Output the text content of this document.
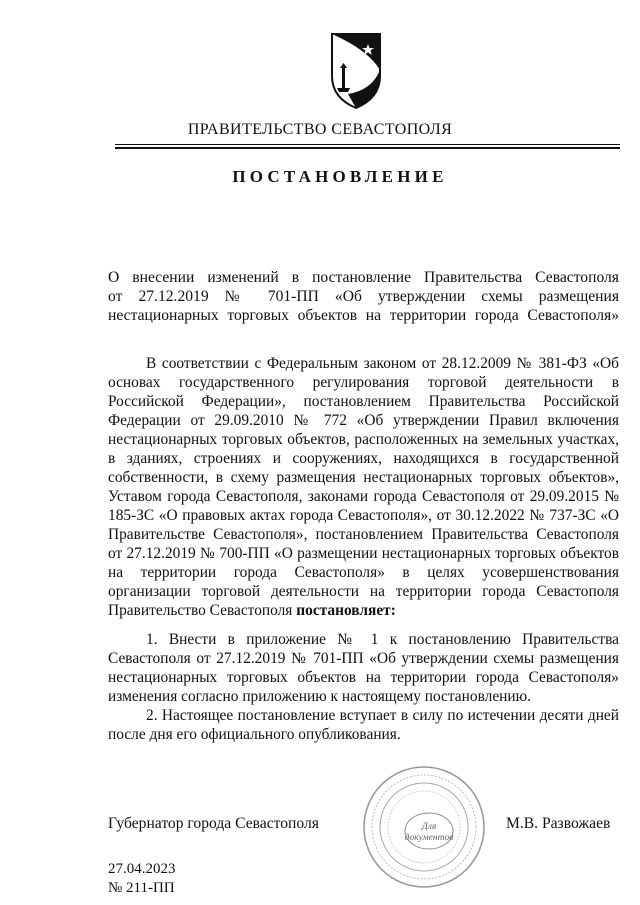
ПРАВИТЕЛЬСТВО СЕВАСТОПОЛЯ
ПОСТАНОВЛЕНИЕ
О внесении изменений в постановление Правительства Севастополя
от 27.12.2019 № 701-ПП «Об утверждении схемы размещения
нестационарных торговых объектов на территории города Севастополя»

В соответствии с Федеральным законом от 28.12.2009 № 381-ФЗ «Об основах государственного регулирования торговой деятельности в Российской Федерации», постановлением Правительства Российской Федерации от 29.09.2010 № 772 «Об утверждении Правил включения нестационарных торговых объектов, расположенных на земельных участках, в зданиях, строениях и сооружениях, находящихся в государственной собственности, в схему размещения нестационарных торговых объектов», Уставом города Севастополя, законами города Севастополя от 29.09.2015 № 185-ЗС «О правовых актах города Севастополя», от 30.12.2022 № 737-ЗС «О Правительстве Севастополя», постановлением Правительства Севастополя от 27.12.2019 № 700-ПП «О размещении нестационарных торговых объектов на территории города Севастополя» в целях усовершенствования организации торговой деятельности на территории города Севастополя Правительство Севастополя постановляет:

1. Внести в приложение № 1 к постановлению Правительства Севастополя от 27.12.2019 № 701-ПП «Об утверждении схемы размещения нестационарных торговых объектов на территории города Севастополя» изменения согласно приложению к настоящему постановлению.

2. Настоящее постановление вступает в силу по истечении десяти дней после дня его официального опубликования.

Губернатор города Севастополя	М.В. Развожаев
Для
документов
27.04.2023
№ 211-ПП
